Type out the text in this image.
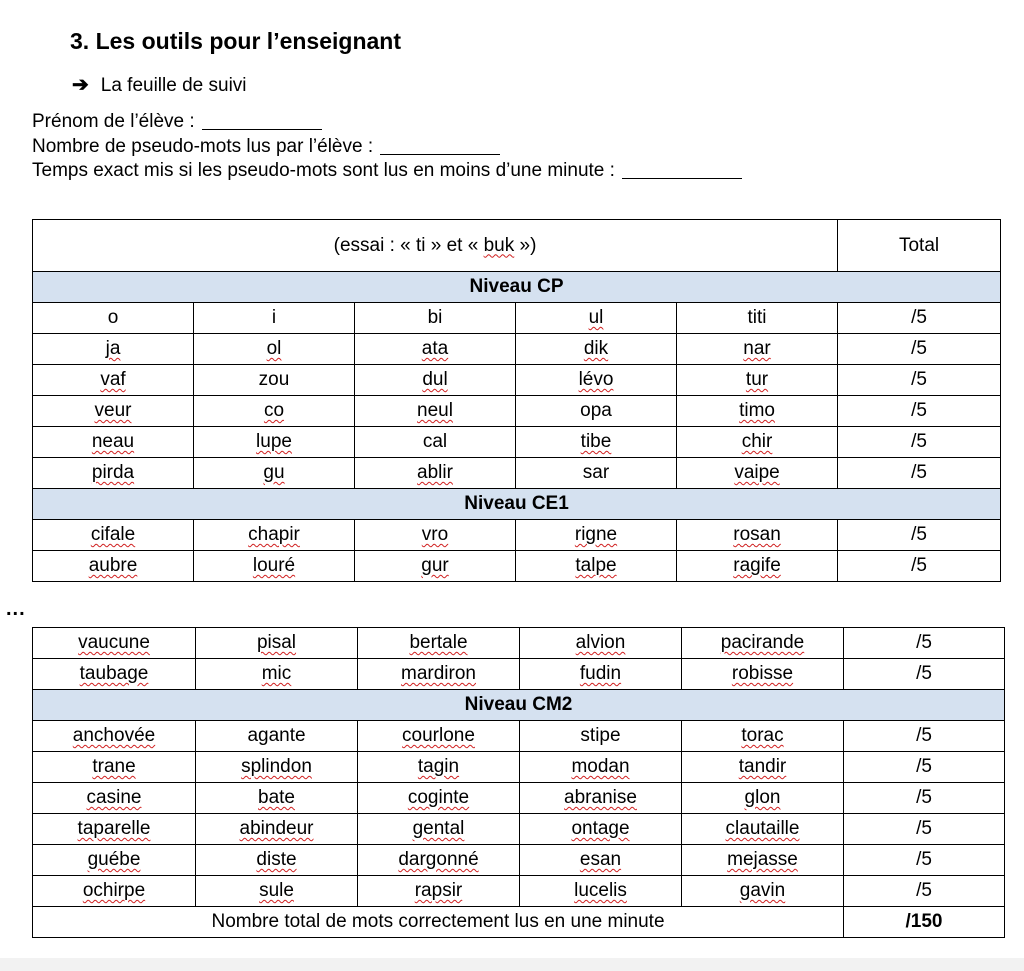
3. Les outils pour l’enseignant
➔ La feuille de suivi
Prénom de l’élève :
Nombre de pseudo-mots lus par l’élève :
Temps exact mis si les pseudo-mots sont lus en moins d’une minute :
(essai : « ti » et « buk »)					Total
Niveau CP					
o	i	bi	ul	titi	/5
ja	ol	ata	dik	nar	/5
vaf	zou	dul	lévo	tur	/5
veur	co	neul	opa	timo	/5
neau	lupe	cal	tibe	chir	/5
pirda	gu	ablir	sar	vaipe	/5
Niveau CE1					
cifale	chapir	vro	rigne	rosan	/5
aubre	louré	gur	talpe	ragife	/5
...
vaucune	pisal	bertale	alvion	pacirande	/5
taubage	mic	mardiron	fudin	robisse	/5
Niveau CM2					
anchovée	agante	courlone	stipe	torac	/5
trane	splindon	tagin	modan	tandir	/5
casine	bate	coginte	abranise	glon	/5
taparelle	abindeur	gental	ontage	clautaille	/5
guébe	diste	dargonné	esan	mejasse	/5
ochirpe	sule	rapsir	lucelis	gavin	/5
Nombre total de mots correctement lus en une minute					/150
